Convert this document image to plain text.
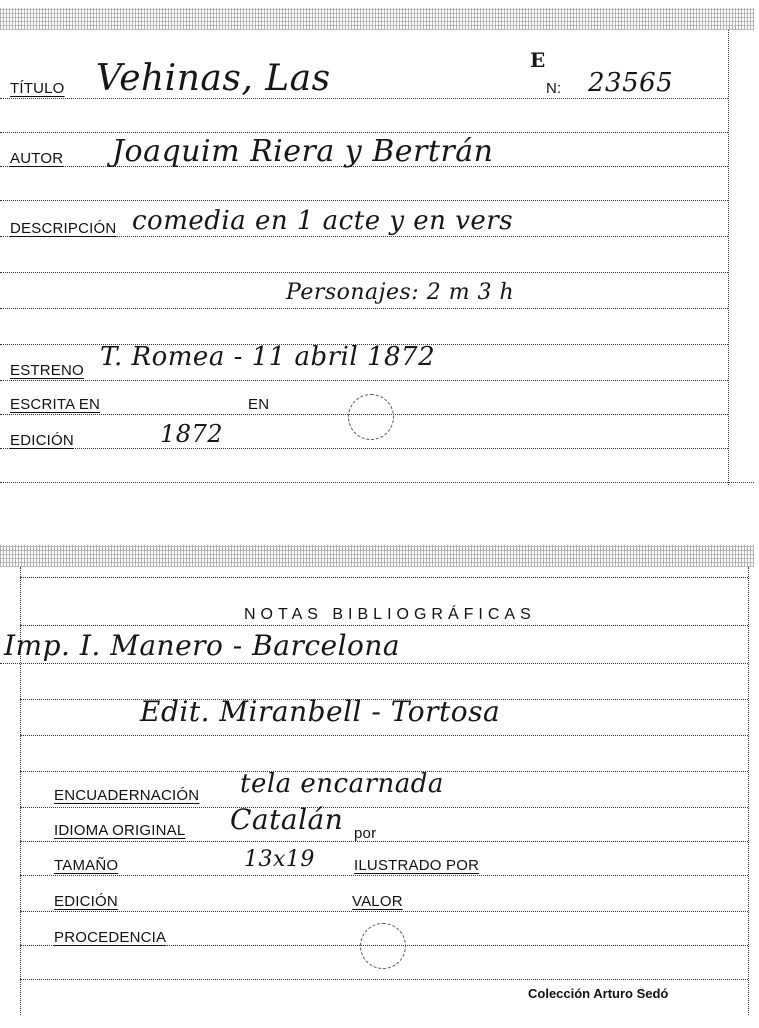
TÍTULO Vehinas, Las	E
N: 23565
AUTOR Joaquim Riera y Bertrán
DESCRIPCIÓN comedia en 1 acte y en vers
Personajes: 2 m 3 h
ESTRENO T. Romea - 11 abril 1872
ESCRITA EN	EN
EDICIÓN	1872
NOTAS BIBLIOGRÁFICAS
Imp. I. Manero - Barcelona
Edit. Miranbell - Tortosa
ENCUADERNACIÓN tela encarnada
IDIOMA ORIGINAL Catalán por
TAMAÑO	13x19	ILUSTRADO POR
EDICIÓN	VALOR
PROCEDENCIA
Colección Arturo Sedó
